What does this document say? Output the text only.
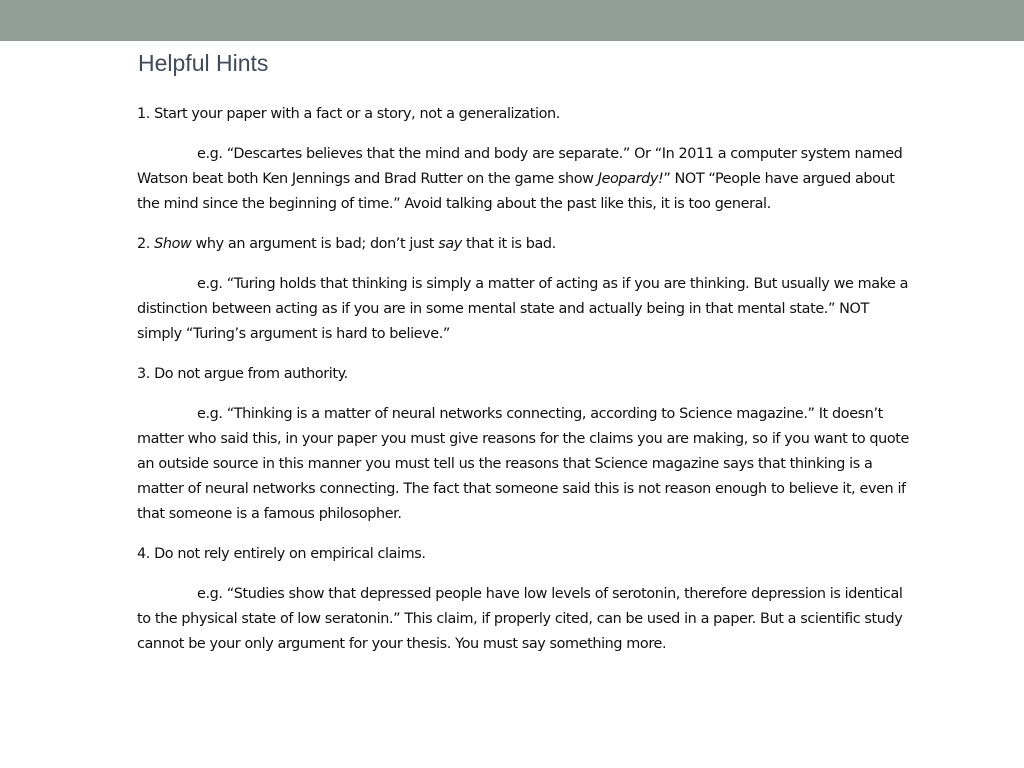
Helpful Hints

1. Start your paper with a fact or a story, not a generalization.

e.g. “Descartes believes that the mind and body are separate.” Or “In 2011 a computer system named Watson beat both Ken Jennings and Brad Rutter on the game show Jeopardy!” NOT “People have argued about the mind since the beginning of time.” Avoid talking about the past like this, it is too general.

2. Show why an argument is bad; don’t just say that it is bad.

e.g. “Turing holds that thinking is simply a matter of acting as if you are thinking. But usually we make a distinction between acting as if you are in some mental state and actually being in that mental state.” NOT simply “Turing’s argument is hard to believe.”

3. Do not argue from authority.

e.g. “Thinking is a matter of neural networks connecting, according to Science magazine.” It doesn’t matter who said this, in your paper you must give reasons for the claims you are making, so if you want to quote an outside source in this manner you must tell us the reasons that Science magazine says that thinking is a matter of neural networks connecting. The fact that someone said this is not reason enough to believe it, even if that someone is a famous philosopher.

4. Do not rely entirely on empirical claims.

e.g. “Studies show that depressed people have low levels of serotonin, therefore depression is identical to the physical state of low seratonin.” This claim, if properly cited, can be used in a paper. But a scientific study cannot be your only argument for your thesis. You must say something more.
